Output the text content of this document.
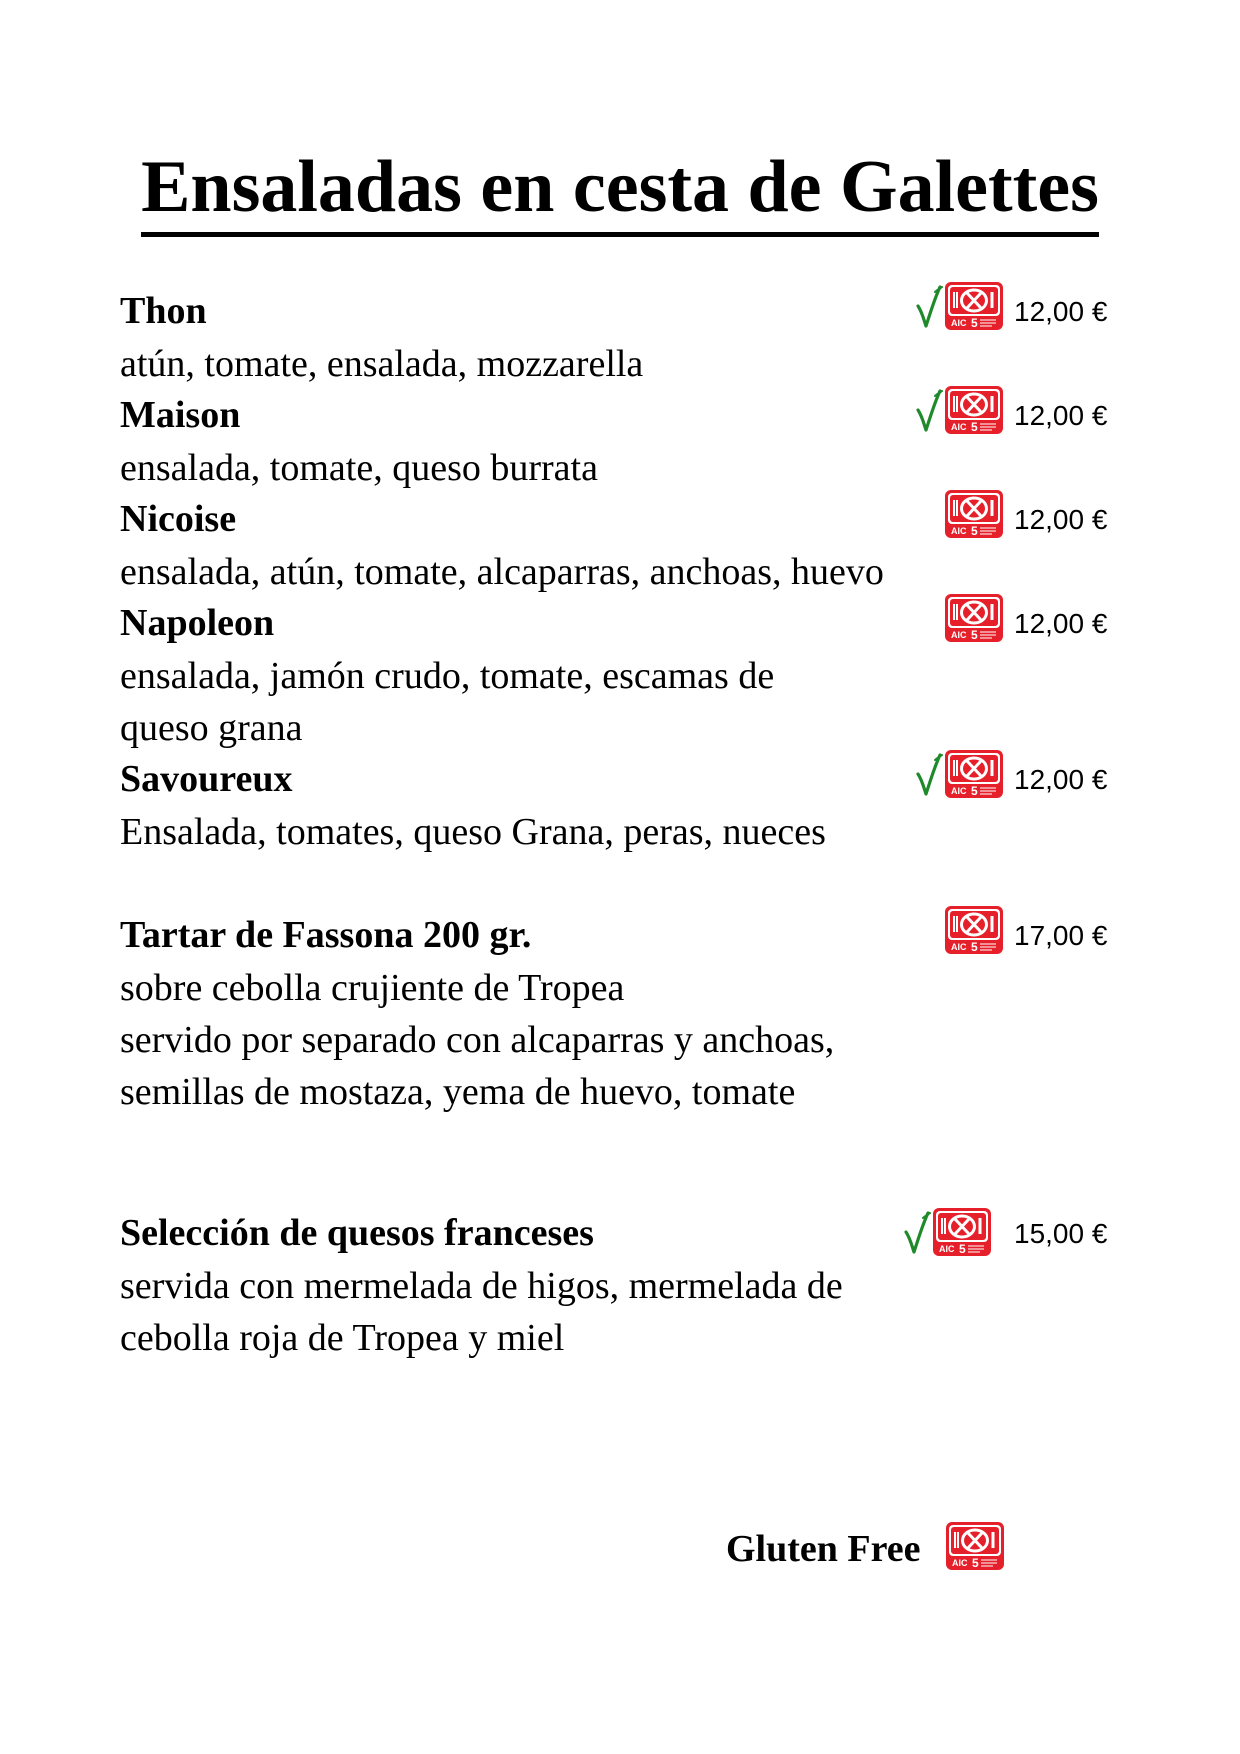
Ensaladas en cesta de Galettes
Thon	12,00 €
atún, tomate, ensalada, mozzarella
Maison	12,00 €
ensalada, tomate, queso burrata
Nicoise	12,00 €
ensalada, atún, tomate, alcaparras, anchoas, huevo
Napoleon	12,00 €
ensalada, jamón crudo, tomate, escamas de
queso grana
Savoureux	12,00 €
Ensalada, tomates, queso Grana, peras, nueces
Tartar de Fassona 200 gr.	17,00 €
sobre cebolla crujiente de Tropea
servido por separado con alcaparras y anchoas,
semillas de mostaza, yema de huevo, tomate
Selección de quesos franceses	15,00 €
servida con mermelada de higos, mermelada de
cebolla roja de Tropea y miel
Gluten Free
